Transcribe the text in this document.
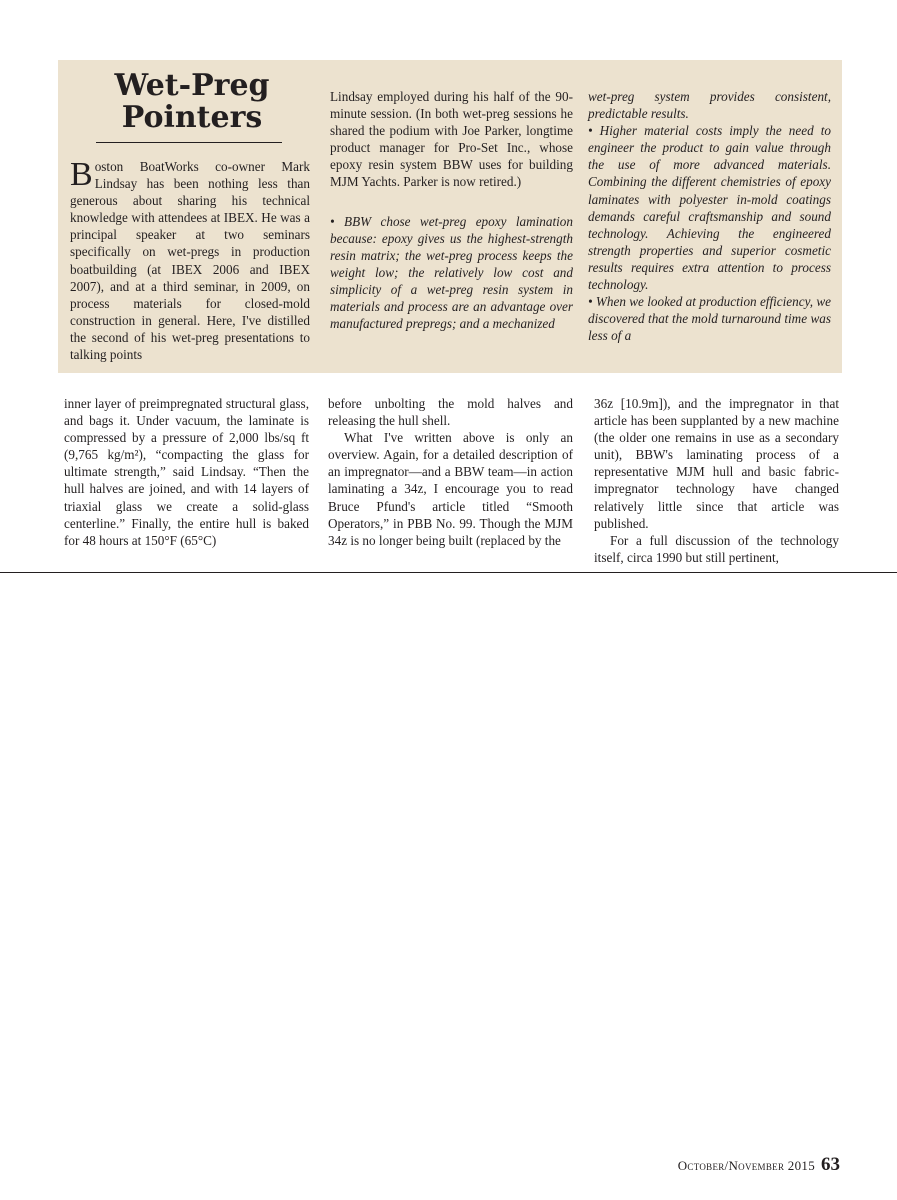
Wet-Preg
Pointers

Boston BoatWorks co-owner Mark Lindsay has been nothing less than generous about sharing his technical knowledge with attendees at IBEX. He was a principal speaker at two seminars specifically on wet-pregs in production boatbuilding (at IBEX 2006 and IBEX 2007), and at a third seminar, in 2009, on process materials for closed-mold construction in general. Here, I've distilled the second of his wet-preg presentations to talking points

Lindsay employed during his half of the 90-minute session. (In both wet-preg sessions he shared the podium with Joe Parker, longtime product manager for Pro-Set Inc., whose epoxy resin system BBW uses for building MJM Yachts. Parker is now retired.)

• BBW chose wet-preg epoxy lamination because: epoxy gives us the highest-strength resin matrix; the wet-preg process keeps the weight low; the relatively low cost and simplicity of a wet-preg resin system in materials and process are an advantage over manufactured prepregs; and a mechanized

wet-preg system provides consistent, predictable results.

• Higher material costs imply the need to engineer the product to gain value through the use of more advanced materials. Combining the different chemistries of epoxy laminates with polyester in-mold coatings demands careful craftsmanship and sound technology. Achieving the engineered strength properties and superior cosmetic results requires extra attention to process technology.

• When we looked at production efficiency, we discovered that the mold turnaround time was less of a

inner layer of preimpregnated structural glass, and bags it. Under vacuum, the laminate is compressed by a pressure of 2,000 lbs/sq ft (9,765 kg/m²), “compacting the glass for ultimate strength,” said Lindsay. “Then the hull halves are joined, and with 14 layers of triaxial glass we create a solid-glass centerline.” Finally, the entire hull is baked for 48 hours at 150°F (65°C)

before unbolting the mold halves and releasing the hull shell.

What I've written above is only an overview. Again, for a detailed description of an impregnator—and a BBW team—in action laminating a 34z, I encourage you to read Bruce Pfund's article titled “Smooth Operators,” in PBB No. 99. Though the MJM 34z is no longer being built (replaced by the

36z [10.9m]), and the impregnator in that article has been supplanted by a new machine (the older one remains in use as a secondary unit), BBW's laminating process of a representative MJM hull and basic fabric-impregnator technology have changed relatively little since that article was published.

For a full discussion of the technology itself, circa 1990 but still pertinent,

October/November 2015 63
